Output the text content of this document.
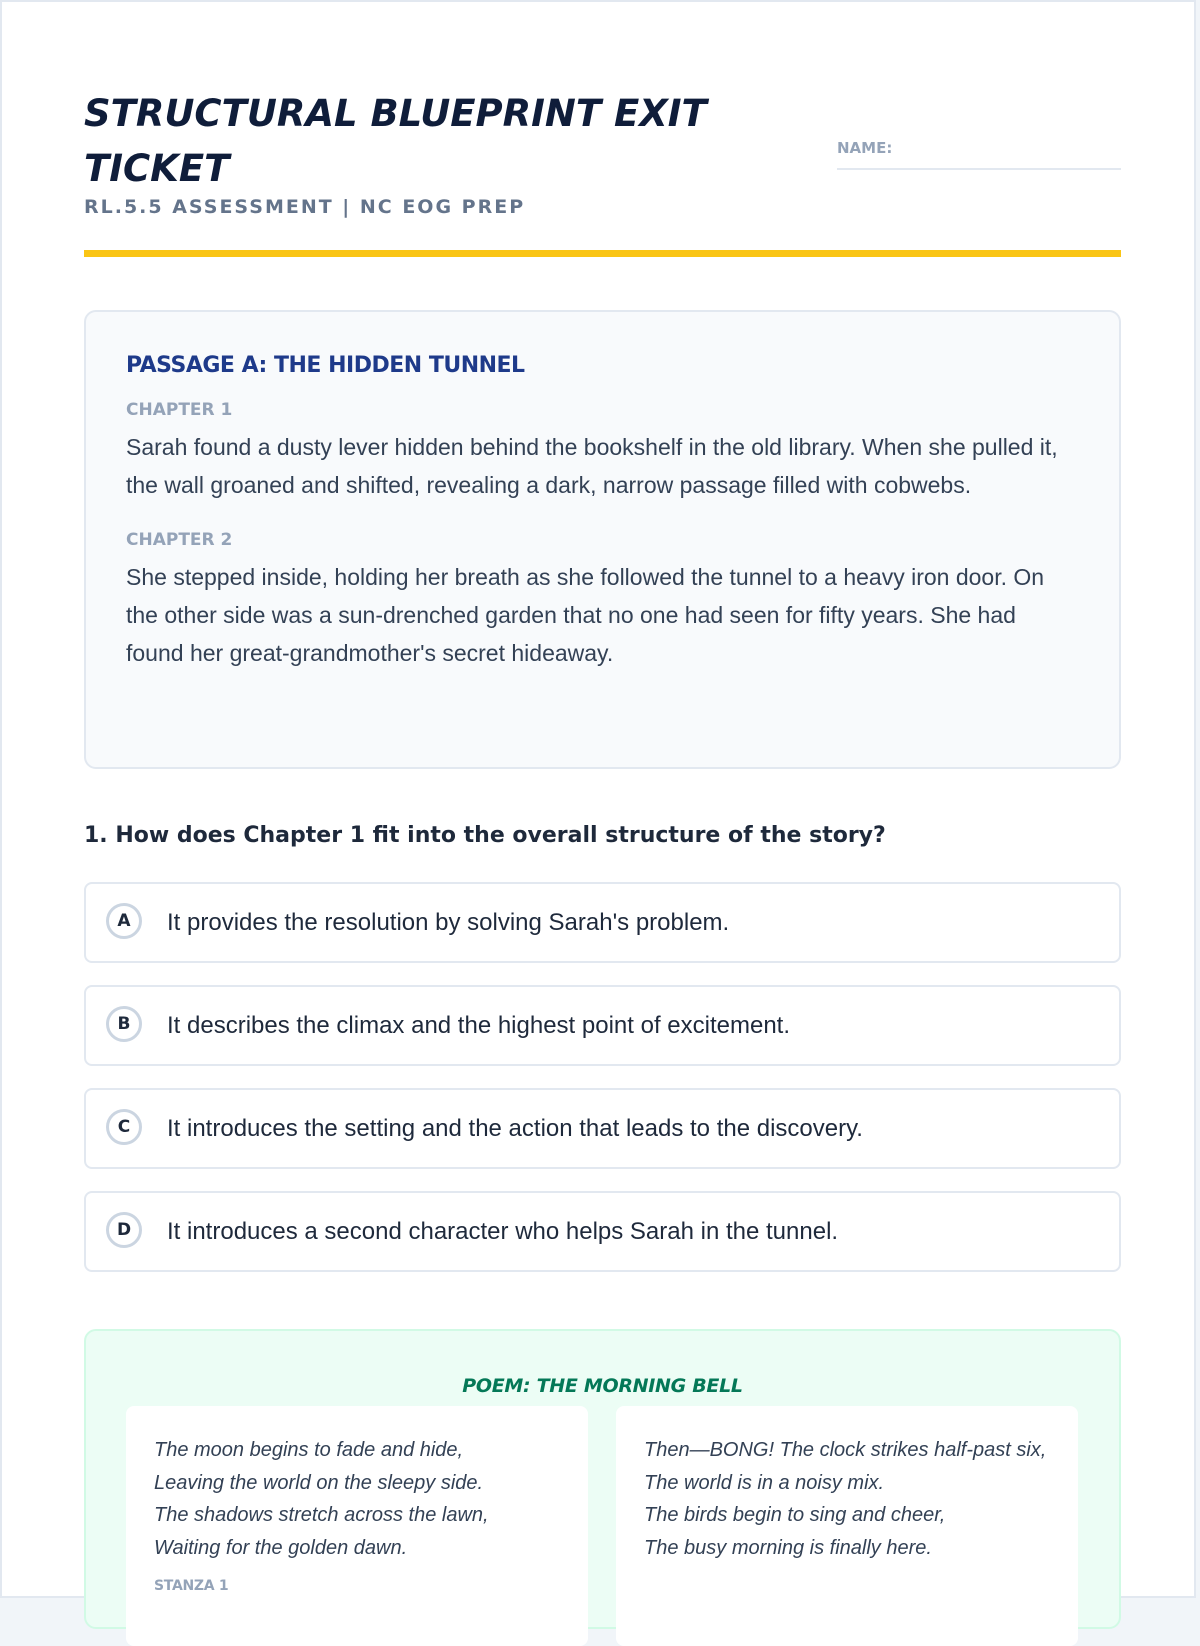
STRUCTURAL BLUEPRINT EXIT TICKET
RL.5.5 ASSESSMENT | NC EOG PREP
NAME:
PASSAGE A: THE HIDDEN TUNNEL
CHAPTER 1

Sarah found a dusty lever hidden behind the bookshelf in the old library. When she pulled it, the wall groaned and shifted, revealing a dark, narrow passage filled with cobwebs.

CHAPTER 2

She stepped inside, holding her breath as she followed the tunnel to a heavy iron door. On the other side was a sun-drenched garden that no one had seen for fifty years. She had found her great-grandmother's secret hideaway.

1. How does Chapter 1 fit into the overall structure of the story?
A	It provides the resolution by solving Sarah's problem.
B	It describes the climax and the highest point of excitement.
C	It introduces the setting and the action that leads to the discovery.
D	It introduces a second character who helps Sarah in the tunnel.
POEM: THE MORNING BELL
The moon begins to fade and hide,
Leaving the world on the sleepy side.
The shadows stretch across the lawn,
Waiting for the golden dawn.
STANZA 1
Then—BONG! The clock strikes half-past six,
The world is in a noisy mix.
The birds begin to sing and cheer,
The busy morning is finally here.
